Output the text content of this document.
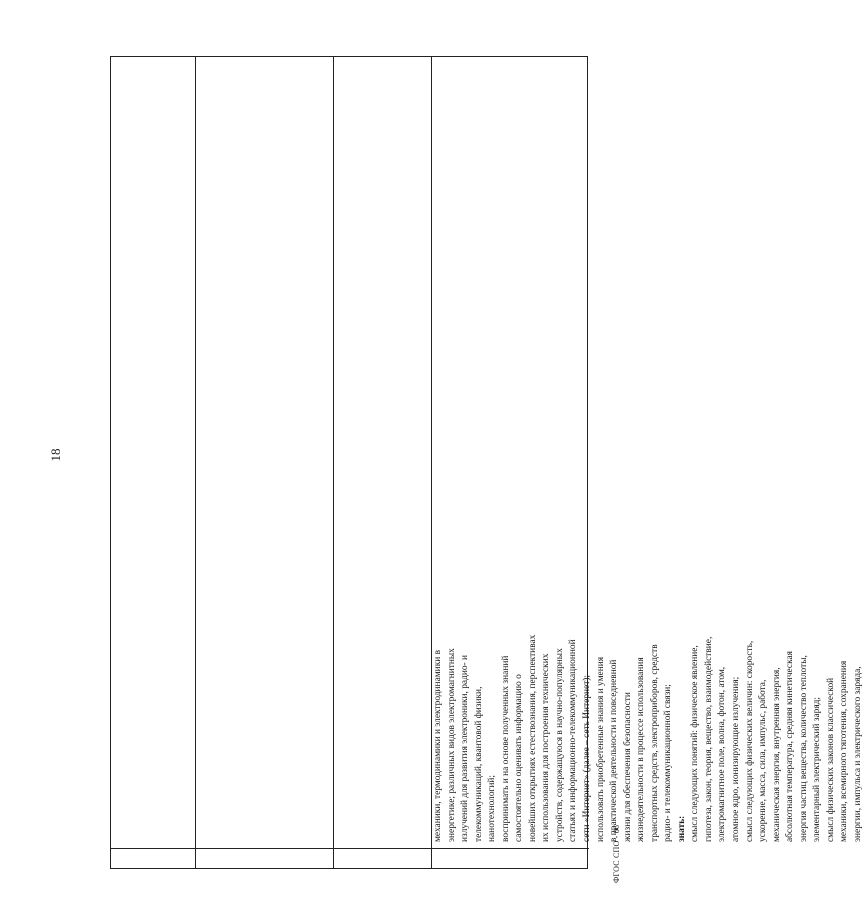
18
механики, термодинамики и электродинамики в энергетике; различных видов электромагнитных излучений для развития электроники, радио- и телекоммуникаций, квантовой физики, нанотехнологий; воспринимать и на основе полученных знаний самостоятельно оценивать информацию о новейших открытиях естествознания, перспективах их использования для построения технических устройств, содержащуюся в научно-популярных статьях и информационно-телекоммуникационной сети «Интернет» (далее – сеть Интернет); использовать приобретенные знания и умения в практической деятельности и повседневной жизни для обеспечения безопасности жизнедеятельности в процессе использования транспортных средств, электроприборов, средств радио- и телекоммуникационной связи; знать: смысл следующих понятий: физическое явление, гипотеза, закон, теория, вещество, взаимодействие, электромагнитное поле, волна, фотон, атом, атомное ядро, ионизирующие излучения; смысл следующих физических величин: скорость, ускорение, масса, сила, импульс, работа, механическая энергия, внутренняя энергия, абсолютная температура, средняя кинетическая энергия частиц вещества, количество теплоты, элементарный электрический заряд; смысл физических законов классической механики, всемирного тяготения, сохранения энергии, импульса и электрического заряда,
ФГОС СПО - 06
